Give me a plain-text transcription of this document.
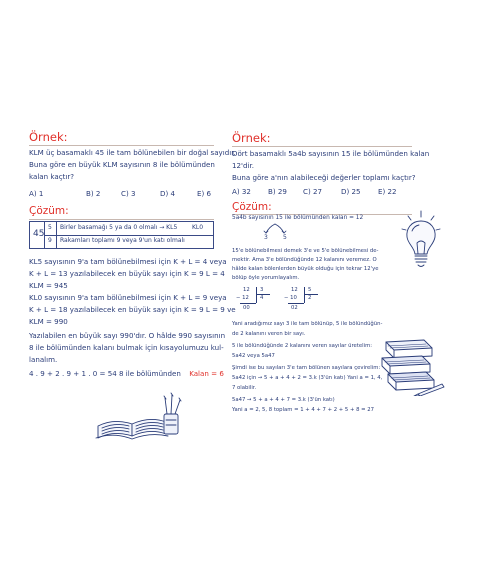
Örnek:
KLM üç basamaklı 45 ile tam bölünebilen bir doğal sayıdır.
Buna göre en büyük KLM sayısının 8 ile bölümünden
kalan kaçtır?
A) 1	B) 2	C) 3	D) 4	E) 6
Çözüm:
45
5 Birler basamağı 5 ya da 0 olmalı → KL5 KL0
9 Rakamları toplamı 9 veya 9'un katı olmalı
KL5 sayısının 9'a tam bölünebilmesi için K + L = 4 veya
K + L = 13 yazılabilecek en büyük sayı için K = 9 L = 4
KLM = 945
KL0 sayısının 9'a tam bölünebilmesi için K + L = 9 veya
K + L = 18 yazılabilecek en büyük sayı için K = 9 L = 9 ve
KLM = 990
Yazılabilen en büyük sayı 990'dır. O hâlde 990 sayısının
8 ile bölümünden kalanı bulmak için kısayolumuzu kul-
lanalım.
4 . 9 + 2 . 9 + 1 . 0 = 54 8 ile bölümünden Kalan = 6
Örnek:
Dört basamaklı 5a4b sayısının 15 ile bölümünden kalan
12'dir.
Buna göre a'nın alabileceği değerler toplamı kaçtır?
A) 32 B) 29 C) 27	D) 25 E) 22
Çözüm:
5a4b sayısının 15 ile bölümünden kalan = 12
3	5
15'e bölünebilmesi demek 3'e ve 5'e bölünebilmesi de-
mektir. Ama 3'e bölündüğünde 12 kalanını veremez. O
hâlde kalan bölenlerden büyük olduğu için tekrar 12'ye
bölüp öyle yorumlayalım.
12 3
− 12 4
00
12 5
− 10 2
02
Yani aradığımız sayı 3 ile tam bölünüp, 5 ile bölündüğün-
de 2 kalanını veren bir sayı.
5 ile bölündüğünde 2 kalanını veren sayılar üretelim:
5a42 veya 5a47
Şimdi ise bu sayıları 3'e tam bölünen sayılara çevirelim:
5a42 için → 5 + a + 4 + 2 = 3.k (3'ün katı) Yani a = 1, 4,
7 olabilir.
5a47 → 5 + a + 4 + 7 = 3.k (3'ün katı)
Yani a = 2, 5, 8 toplam = 1 + 4 + 7 + 2 + 5 + 8 = 27
